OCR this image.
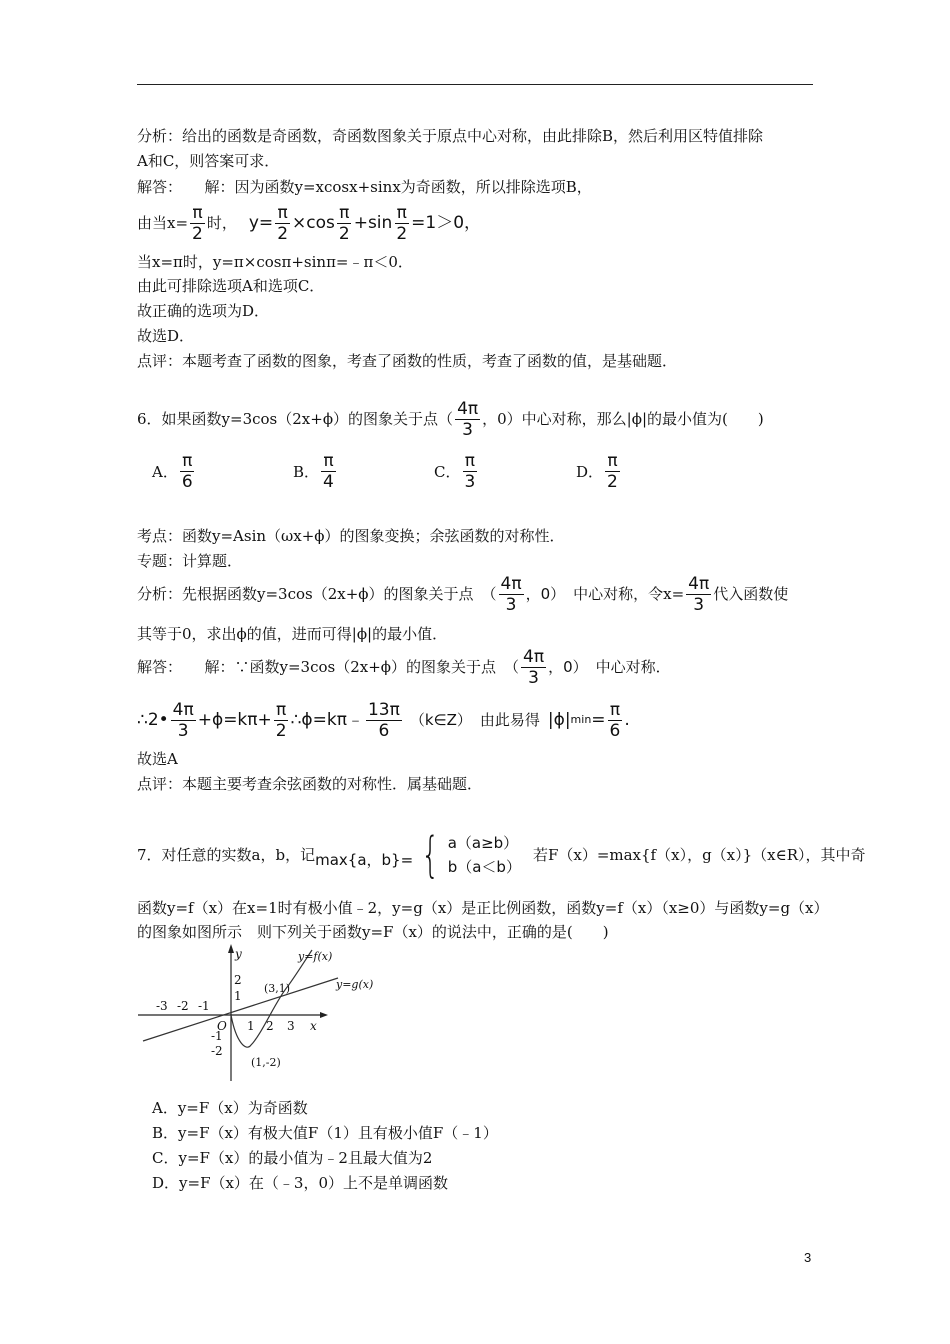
分析：给出的函数是奇函数，奇函数图象关于原点中心对称，由此排除B，然后利用区特值排除
A和C，则答案可求．
解答：　　解：因为函数y=xcosx+sinx为奇函数，所以排除选项B，
由当$x= \frac{\pi}{2}$ 时， $y= \frac{\pi}{2} \times\cos \frac{\pi}{2} +\sin \frac{\pi}{2} =1>0$，
当x=π时，y=π×cosπ+sinπ=﹣π＜0．
由此可排除选项A和选项C．
故正确的选项为D．
故选D．
点评：本题考查了函数的图象，考查了函数的性质，考查了函数的值，是基础题．
6．如果函数y=3cos（2x+ϕ）的图象关于点（ $\frac{4\pi}{3}$ ，0）中心对称，那么|ϕ|的最小值为(　　)
A． $\frac{\pi}{6}$	B． $\frac{\pi}{4}$	C． $\frac{\pi}{3}$	D． $\frac{\pi}{2}$
考点：函数y=Asin（ωx+ϕ）的图象变换；余弦函数的对称性．
专题：计算题．
分析：先根据函数y=3cos（2x+ϕ）的图象关于点 （ $\frac{4\pi}{3}$ ，0） 中心对称，令$x= \frac{4\pi}{3}$ 代入函数使
其等于0，求出ϕ的值，进而可得|ϕ|的最小值．
解答：　　解：∵函数y=3cos（2x+ϕ）的图象关于点 （ $\frac{4\pi}{3}$ ，0） 中心对称．
∴2• $\frac{4\pi}{3} +\phi=k\pi+ \frac{\pi}{2}$ ∴ϕ=kπ﹣ $\frac{13\pi}{6}$ （k∈Z） 由此易得 |ϕ| $\min = \frac{\pi}{6}$ .
故选A
点评：本题主要考查余弦函数的对称性．属基础题．
7．对任意的实数a，b，记 max{a，b}= { a（a≥b）
b（a＜b）
若F（x）=max{f（x），g（x）}（x∈R），其中奇
函数y=f（x）在x=1时有极小值﹣2，y=g（x）是正比例函数，函数y=f（x）（x≥0）与函数y=g（x）
的图象如图所示　则下列关于函数y=F（x）的说法中，正确的是(　　)
y
x
O
y=f(x)
y=g(x)
(3,1)
(1,-2)
-3 -2 -1
1 2 3
2
1
-1
-2
A．y=F（x）为奇函数
B．y=F（x）有极大值F（1）且有极小值F（﹣1）
C．y=F（x）的最小值为﹣2且最大值为2
D．y=F（x）在（﹣3，0）上不是单调函数
3
